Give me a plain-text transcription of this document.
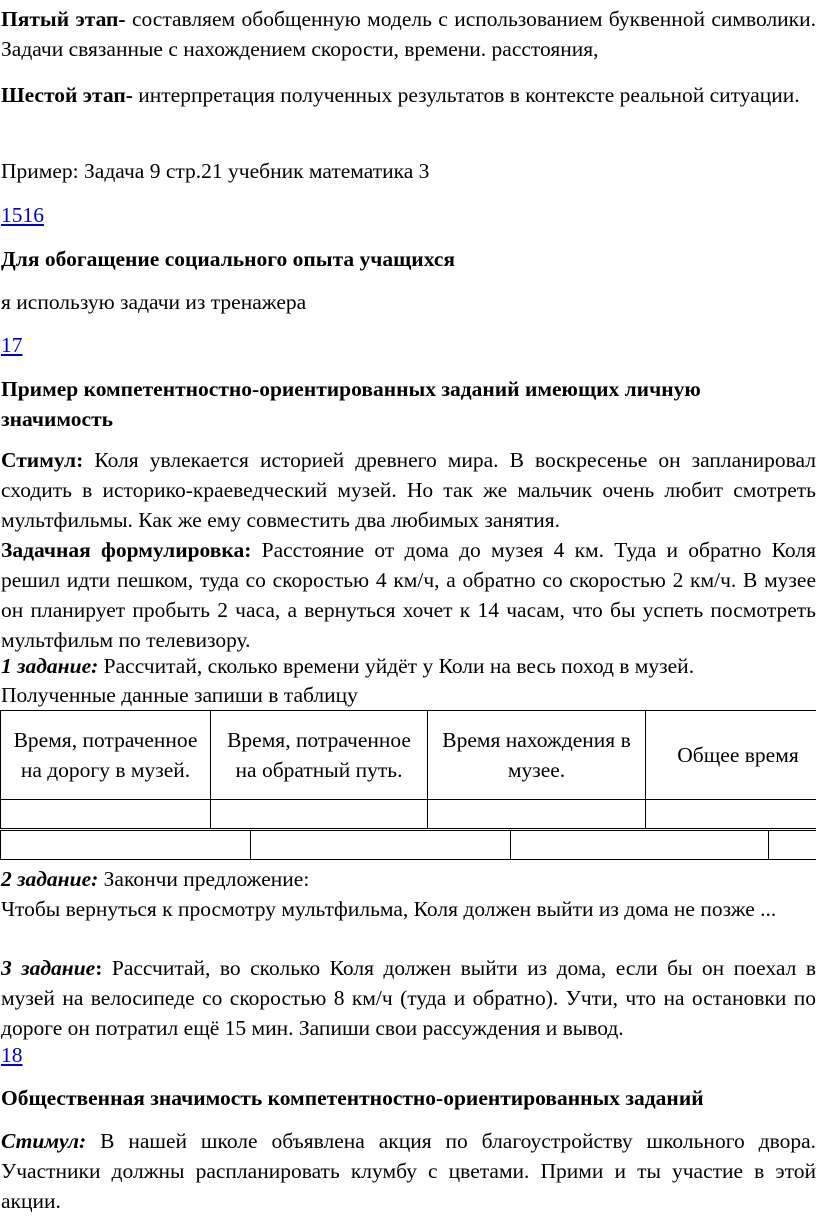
Пятый этап- составляем обобщенную модель с использованием буквенной символики. Задачи связанные с нахождением скорости, времени. расстояния,

Шестой этап- интерпретация полученных результатов в контексте реальной ситуации.

Пример: Задача 9 стр.21 учебник математика 3

1516

Для обогащение социального опыта учащихся

я использую задачи из тренажера

17

Пример компетентностно-ориентированных заданий имеющих личную значимость

Стимул: Коля увлекается историей древнего мира. В воскресенье он запланировал сходить в историко-краеведческий музей. Но так же мальчик очень любит смотреть мультфильмы. Как же ему совместить два любимых занятия.

Задачная формулировка: Расстояние от дома до музея 4 км. Туда и обратно Коля решил идти пешком, туда со скоростью 4 км/ч, а обратно со скоростью 2 км/ч. В музее он планирует пробыть 2 часа, а вернуться хочет к 14 часам, что бы успеть посмотреть мультфильм по телевизору.

1 задание: Рассчитай, сколько времени уйдёт у Коли на весь поход в музей.

Полученные данные запиши в таблицу

Время, потраченное на дорогу в музей.	Время, потраченное на обратный путь.	Время нахождения в музее.	Общее время

2 задание: Закончи предложение:

Чтобы вернуться к просмотру мультфильма, Коля должен выйти из дома не позже ...

3 задание: Рассчитай, во сколько Коля должен выйти из дома, если бы он поехал в музей на велосипеде со скоростью 8 км/ч (туда и обратно). Учти, что на остановки по дороге он потратил ещё 15 мин. Запиши свои рассуждения и вывод.

18

Общественная значимость компетентностно-ориентированных заданий

Стимул: В нашей школе объявлена акция по благоустройству школьного двора. Участники должны распланировать клумбу с цветами. Прими и ты участие в этой акции.
